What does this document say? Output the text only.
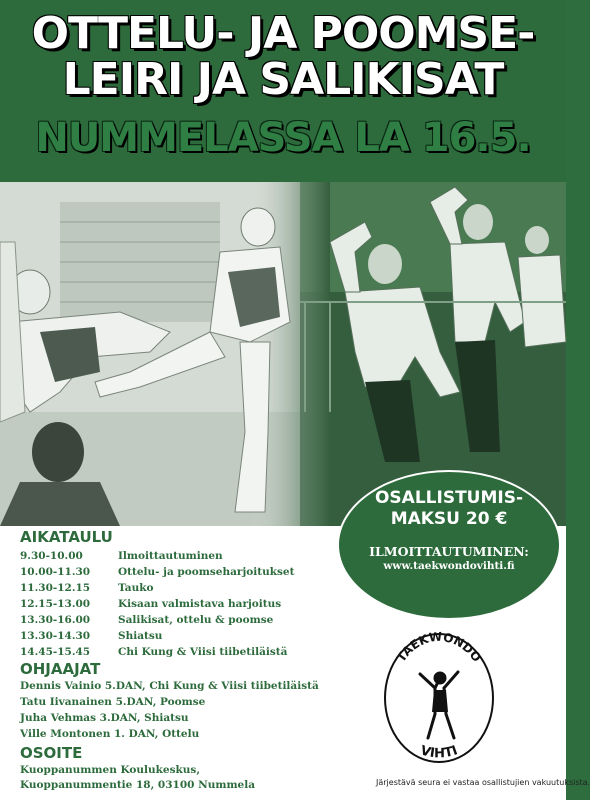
OTTELU- JA POOMSE-
LEIRI JA SALIKISAT
NUMMELASSA LA 16.5.
OSALLISTUMIS-
MAKSU 20 €
ILMOITTAUTUMINEN:
www.taekwondovihti.fi
AIKATAULU
9.30-10.00	Ilmoittautuminen
10.00-11.30	Ottelu- ja poomseharjoitukset
11.30-12.15	Tauko
12.15-13.00	Kisaan valmistava harjoitus
13.30-16.00	Salikisat, ottelu & poomse
13.30-14.30	Shiatsu
14.45-15.45	Chi Kung & Viisi tiibetiläistä
OHJAAJAT
Dennis Vainio 5.DAN, Chi Kung & Viisi tiibetiläistä
Tatu Iivanainen 5.DAN, Poomse
Juha Vehmas 3.DAN, Shiatsu
Ville Montonen 1. DAN, Ottelu
OSOITE
Kuoppanummen Koulukeskus,
Kuoppanummentie 18, 03100 Nummela
TAEKWONDO
VIHTI
Järjestävä seura ei vastaa osallistujien vakuutuksista.
